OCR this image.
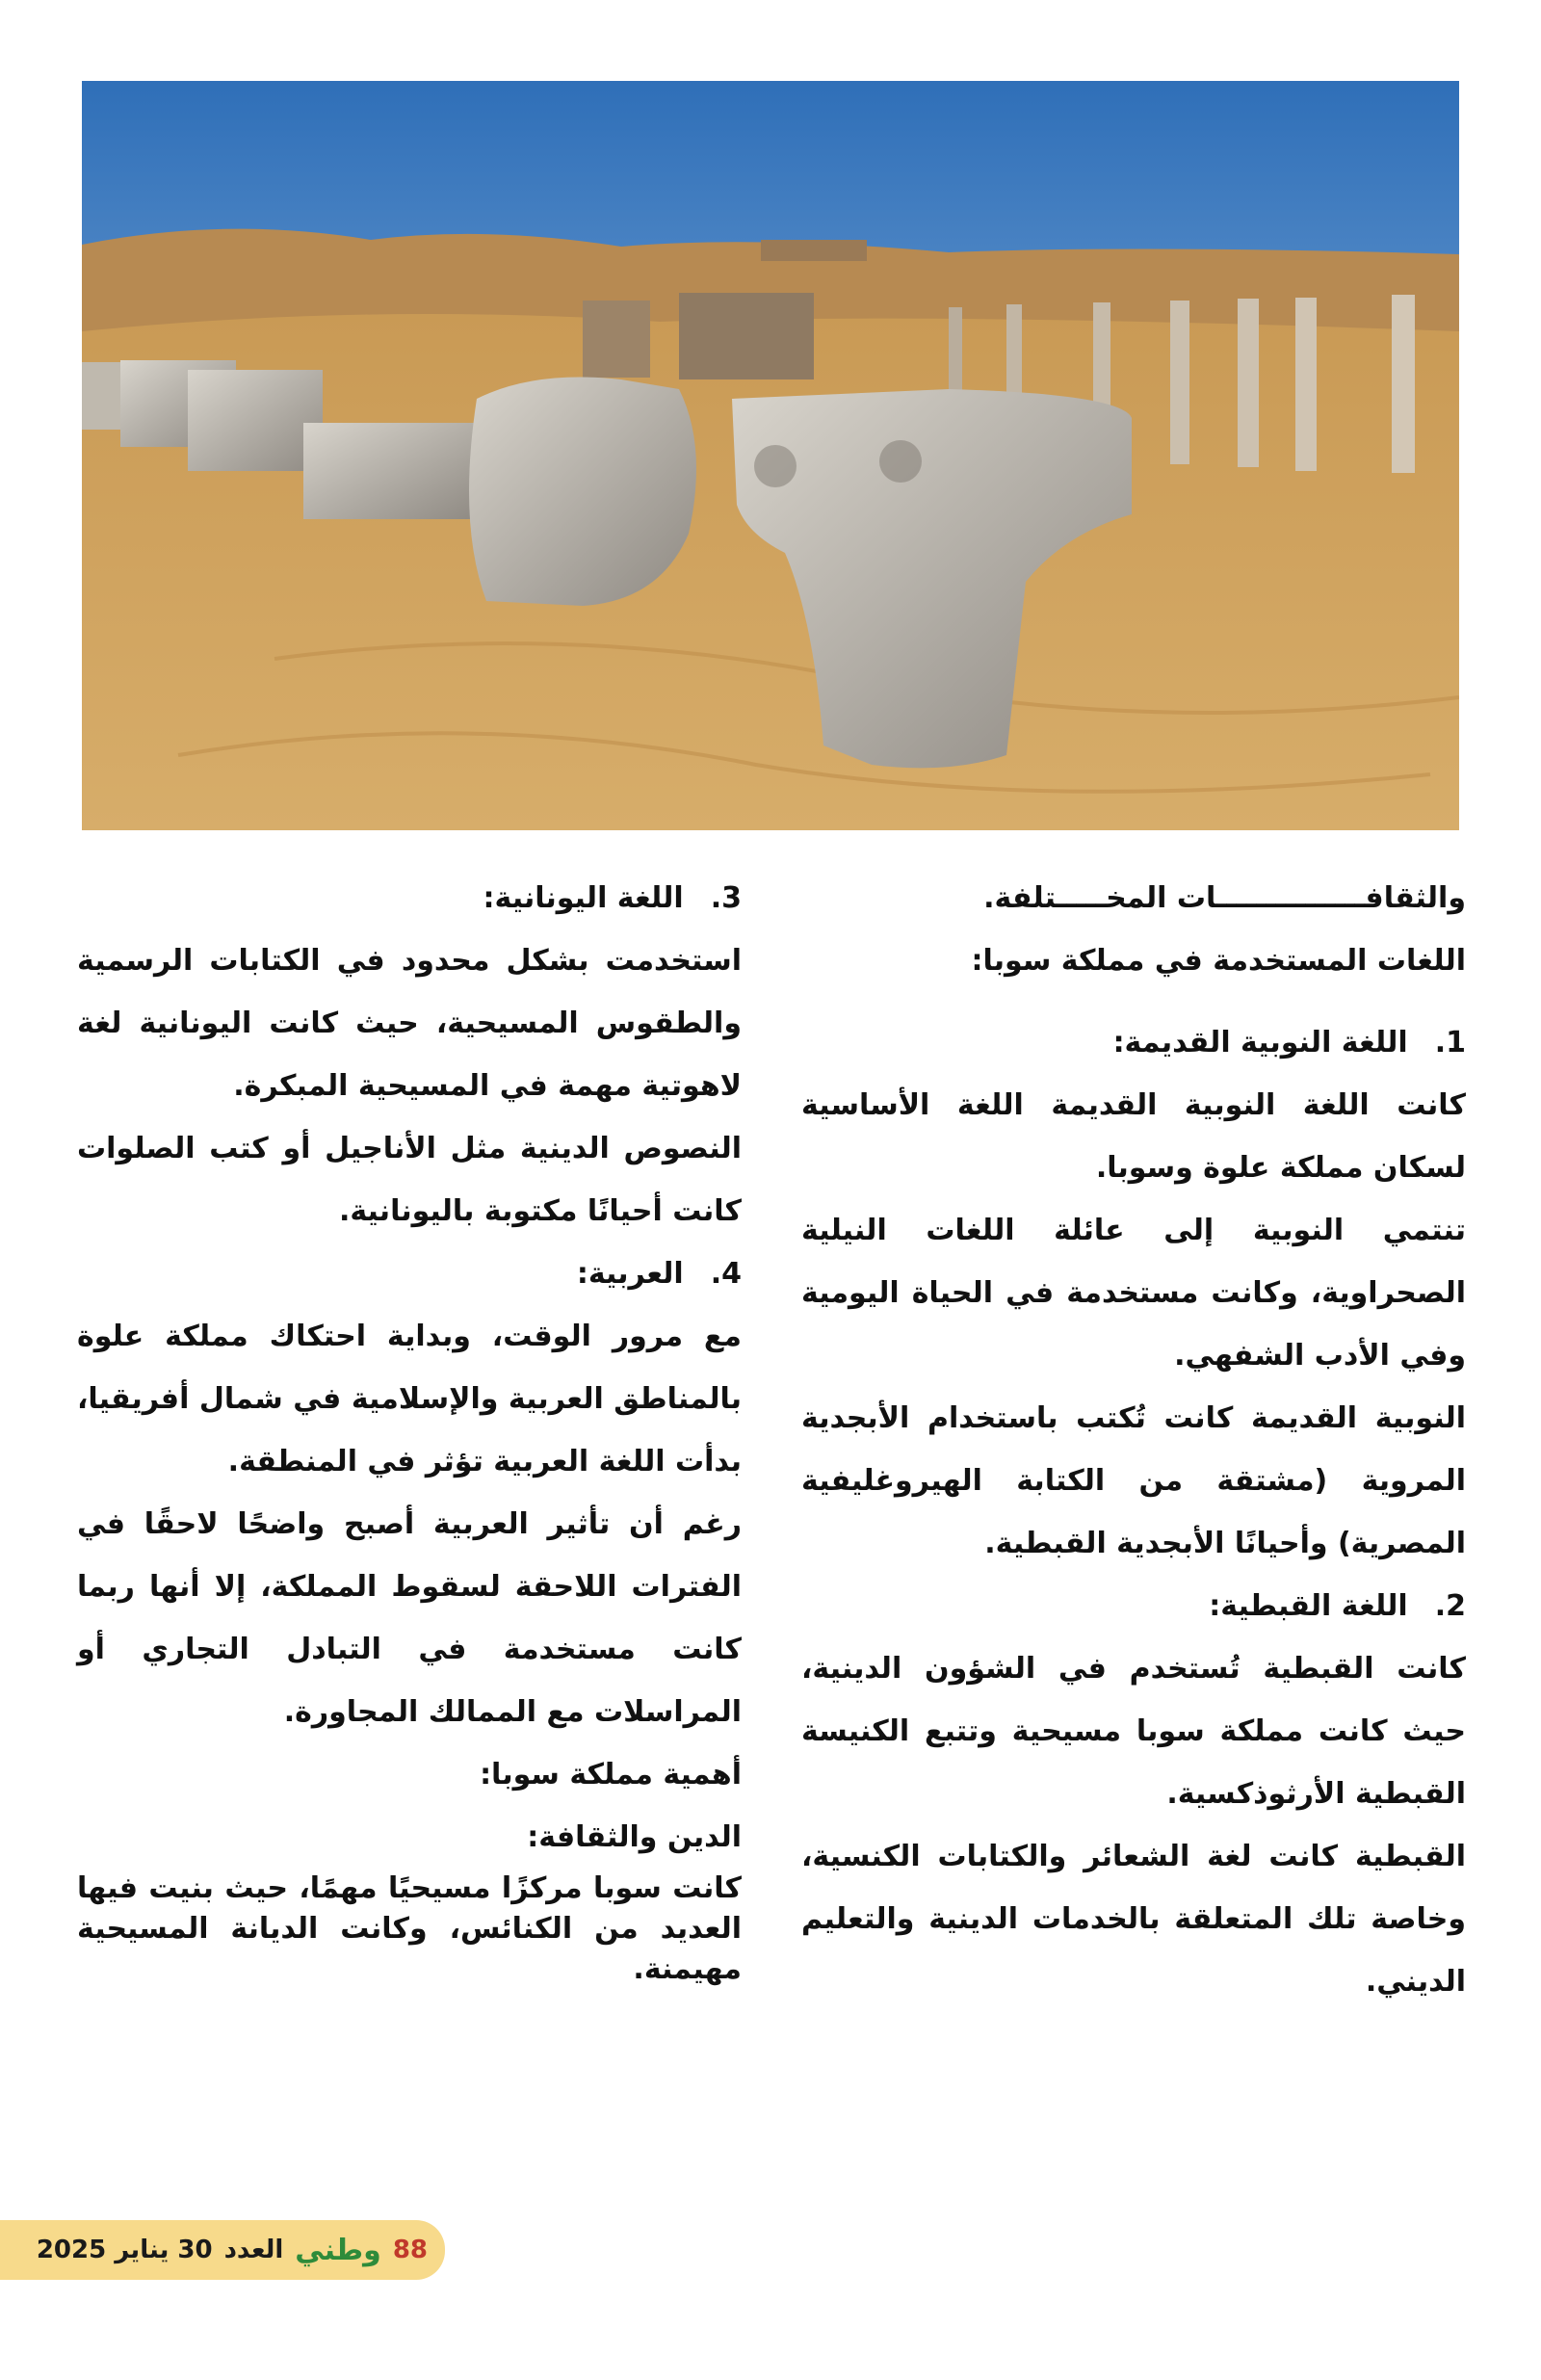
والثقافـــــــــــــــات المخـــــتلفة.

اللغات المستخدمة في مملكة سوبا:

1.اللغة النوبية القديمة:

كانت اللغة النوبية القديمة اللغة الأساسية لسكان مملكة علوة وسوبا.

تنتمي النوبية إلى عائلة اللغات النيلية الصحراوية، وكانت مستخدمة في الحياة اليومية وفي الأدب الشفهي.

النوبية القديمة كانت تُكتب باستخدام الأبجدية المروية (مشتقة من الكتابة الهيروغليفية المصرية) وأحيانًا الأبجدية القبطية.

2.اللغة القبطية:

كانت القبطية تُستخدم في الشؤون الدينية، حيث كانت مملكة سوبا مسيحية وتتبع الكنيسة القبطية الأرثوذكسية.

القبطية كانت لغة الشعائر والكتابات الكنسية، وخاصة تلك المتعلقة بالخدمات الدينية والتعليم الديني.

3.اللغة اليونانية:

استخدمت بشكل محدود في الكتابات الرسمية والطقوس المسيحية، حيث كانت اليونانية لغة لاهوتية مهمة في المسيحية المبكرة.

النصوص الدينية مثل الأناجيل أو كتب الصلوات كانت أحيانًا مكتوبة باليونانية.

4.العربية:

مع مرور الوقت، وبداية احتكاك مملكة علوة بالمناطق العربية والإسلامية في شمال أفريقيا، بدأت اللغة العربية تؤثر في المنطقة.

رغم أن تأثير العربية أصبح واضحًا لاحقًا في الفترات اللاحقة لسقوط المملكة، إلا أنها ربما كانت مستخدمة في التبادل التجاري أو المراسلات مع الممالك المجاورة.

أهمية مملكة سوبا:

الدين والثقافة:

كانت سوبا مركزًا مسيحيًا مهمًا، حيث بنيت فيها العديد من الكنائس، وكانت الديانة المسيحية مهيمنة.

88
وطني
العدد
30 يناير 2025
